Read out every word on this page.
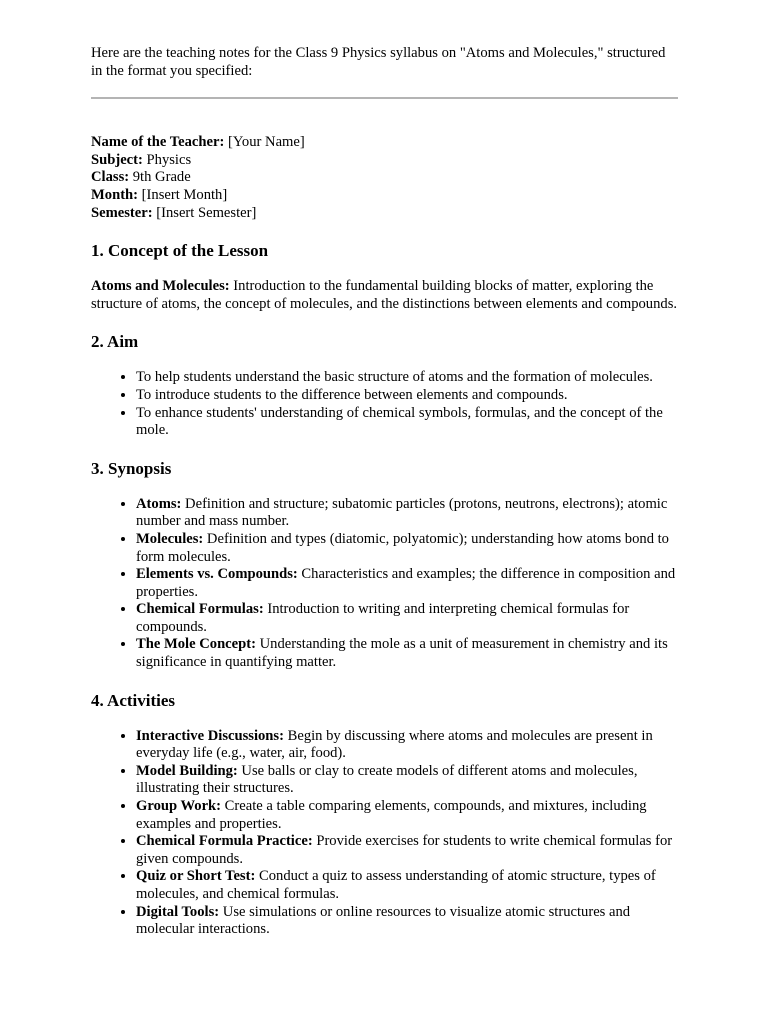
Here are the teaching notes for the Class 9 Physics syllabus on "Atoms and Molecules," structured in the format you specified:

Name of the Teacher: [Your Name]
Subject: Physics
Class: 9th Grade
Month: [Insert Month]
Semester: [Insert Semester]
1. Concept of the Lesson

Atoms and Molecules: Introduction to the fundamental building blocks of matter, exploring the structure of atoms, the concept of molecules, and the distinctions between elements and compounds.

2. Aim
• To help students understand the basic structure of atoms and the formation of molecules.
• To introduce students to the difference between elements and compounds.
• To enhance students' understanding of chemical symbols, formulas, and the concept of the mole.
3. Synopsis
• Atoms: Definition and structure; subatomic particles (protons, neutrons, electrons); atomic number and mass number.
• Molecules: Definition and types (diatomic, polyatomic); understanding how atoms bond to form molecules.
• Elements vs. Compounds: Characteristics and examples; the difference in composition and properties.
• Chemical Formulas: Introduction to writing and interpreting chemical formulas for compounds.
• The Mole Concept: Understanding the mole as a unit of measurement in chemistry and its significance in quantifying matter.
4. Activities
• Interactive Discussions: Begin by discussing where atoms and molecules are present in everyday life (e.g., water, air, food).
• Model Building: Use balls or clay to create models of different atoms and molecules, illustrating their structures.
• Group Work: Create a table comparing elements, compounds, and mixtures, including examples and properties.
• Chemical Formula Practice: Provide exercises for students to write chemical formulas for given compounds.
• Quiz or Short Test: Conduct a quiz to assess understanding of atomic structure, types of molecules, and chemical formulas.
• Digital Tools: Use simulations or online resources to visualize atomic structures and molecular interactions.
